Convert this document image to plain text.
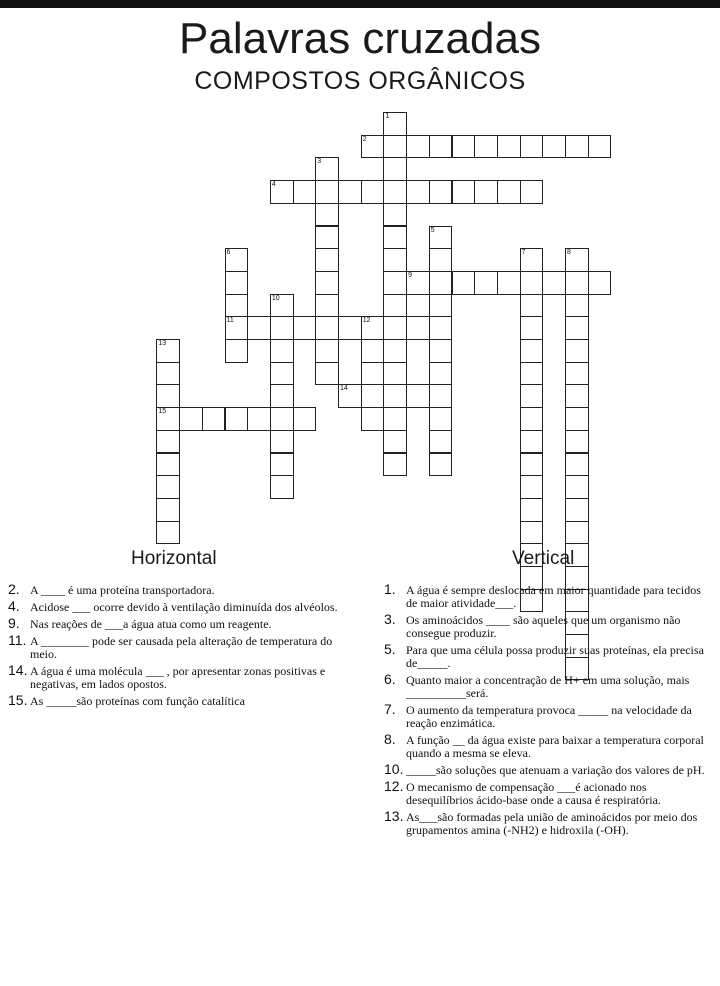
Palavras cruzadas
COMPOSTOS ORGÂNICOS
1
2
3
4
5
6
11
7	8
9
10
12
13
15
14
Horizontal	Vertical
2. A ____ é uma proteína transportadora.
4. Acidose ___ ocorre devido à ventilação diminuída dos alvéolos.
9. Nas reações de ___a água atua como um reagente.
11. A ________ pode ser causada pela alteração de temperatura do meio.
14. A água é uma molécula ___ , por apresentar zonas positivas e negativas, em lados opostos.
15. As _____são proteínas com função catalítica
1. A água é sempre deslocada em maior quantidade para tecidos de maior atividade___.
3. Os aminoácidos ____ são aqueles que um organismo não consegue produzir.
5. Para que uma célula possa produzir suas proteínas, ela precisa de_____.
6. Quanto maior a concentração de H+ em uma solução, mais __________será.
7. O aumento da temperatura provoca _____ na velocidade da reação enzimática.
8. A função __ da água existe para baixar a temperatura corporal quando a mesma se eleva.
10. _____são soluções que atenuam a variação dos valores de pH.
12. O mecanismo de compensação ___é acionado nos desequilíbrios ácido-base onde a causa é respiratória.
13. As___são formadas pela união de aminoácidos por meio dos grupamentos amina (-NH2) e hidroxila (-OH).
